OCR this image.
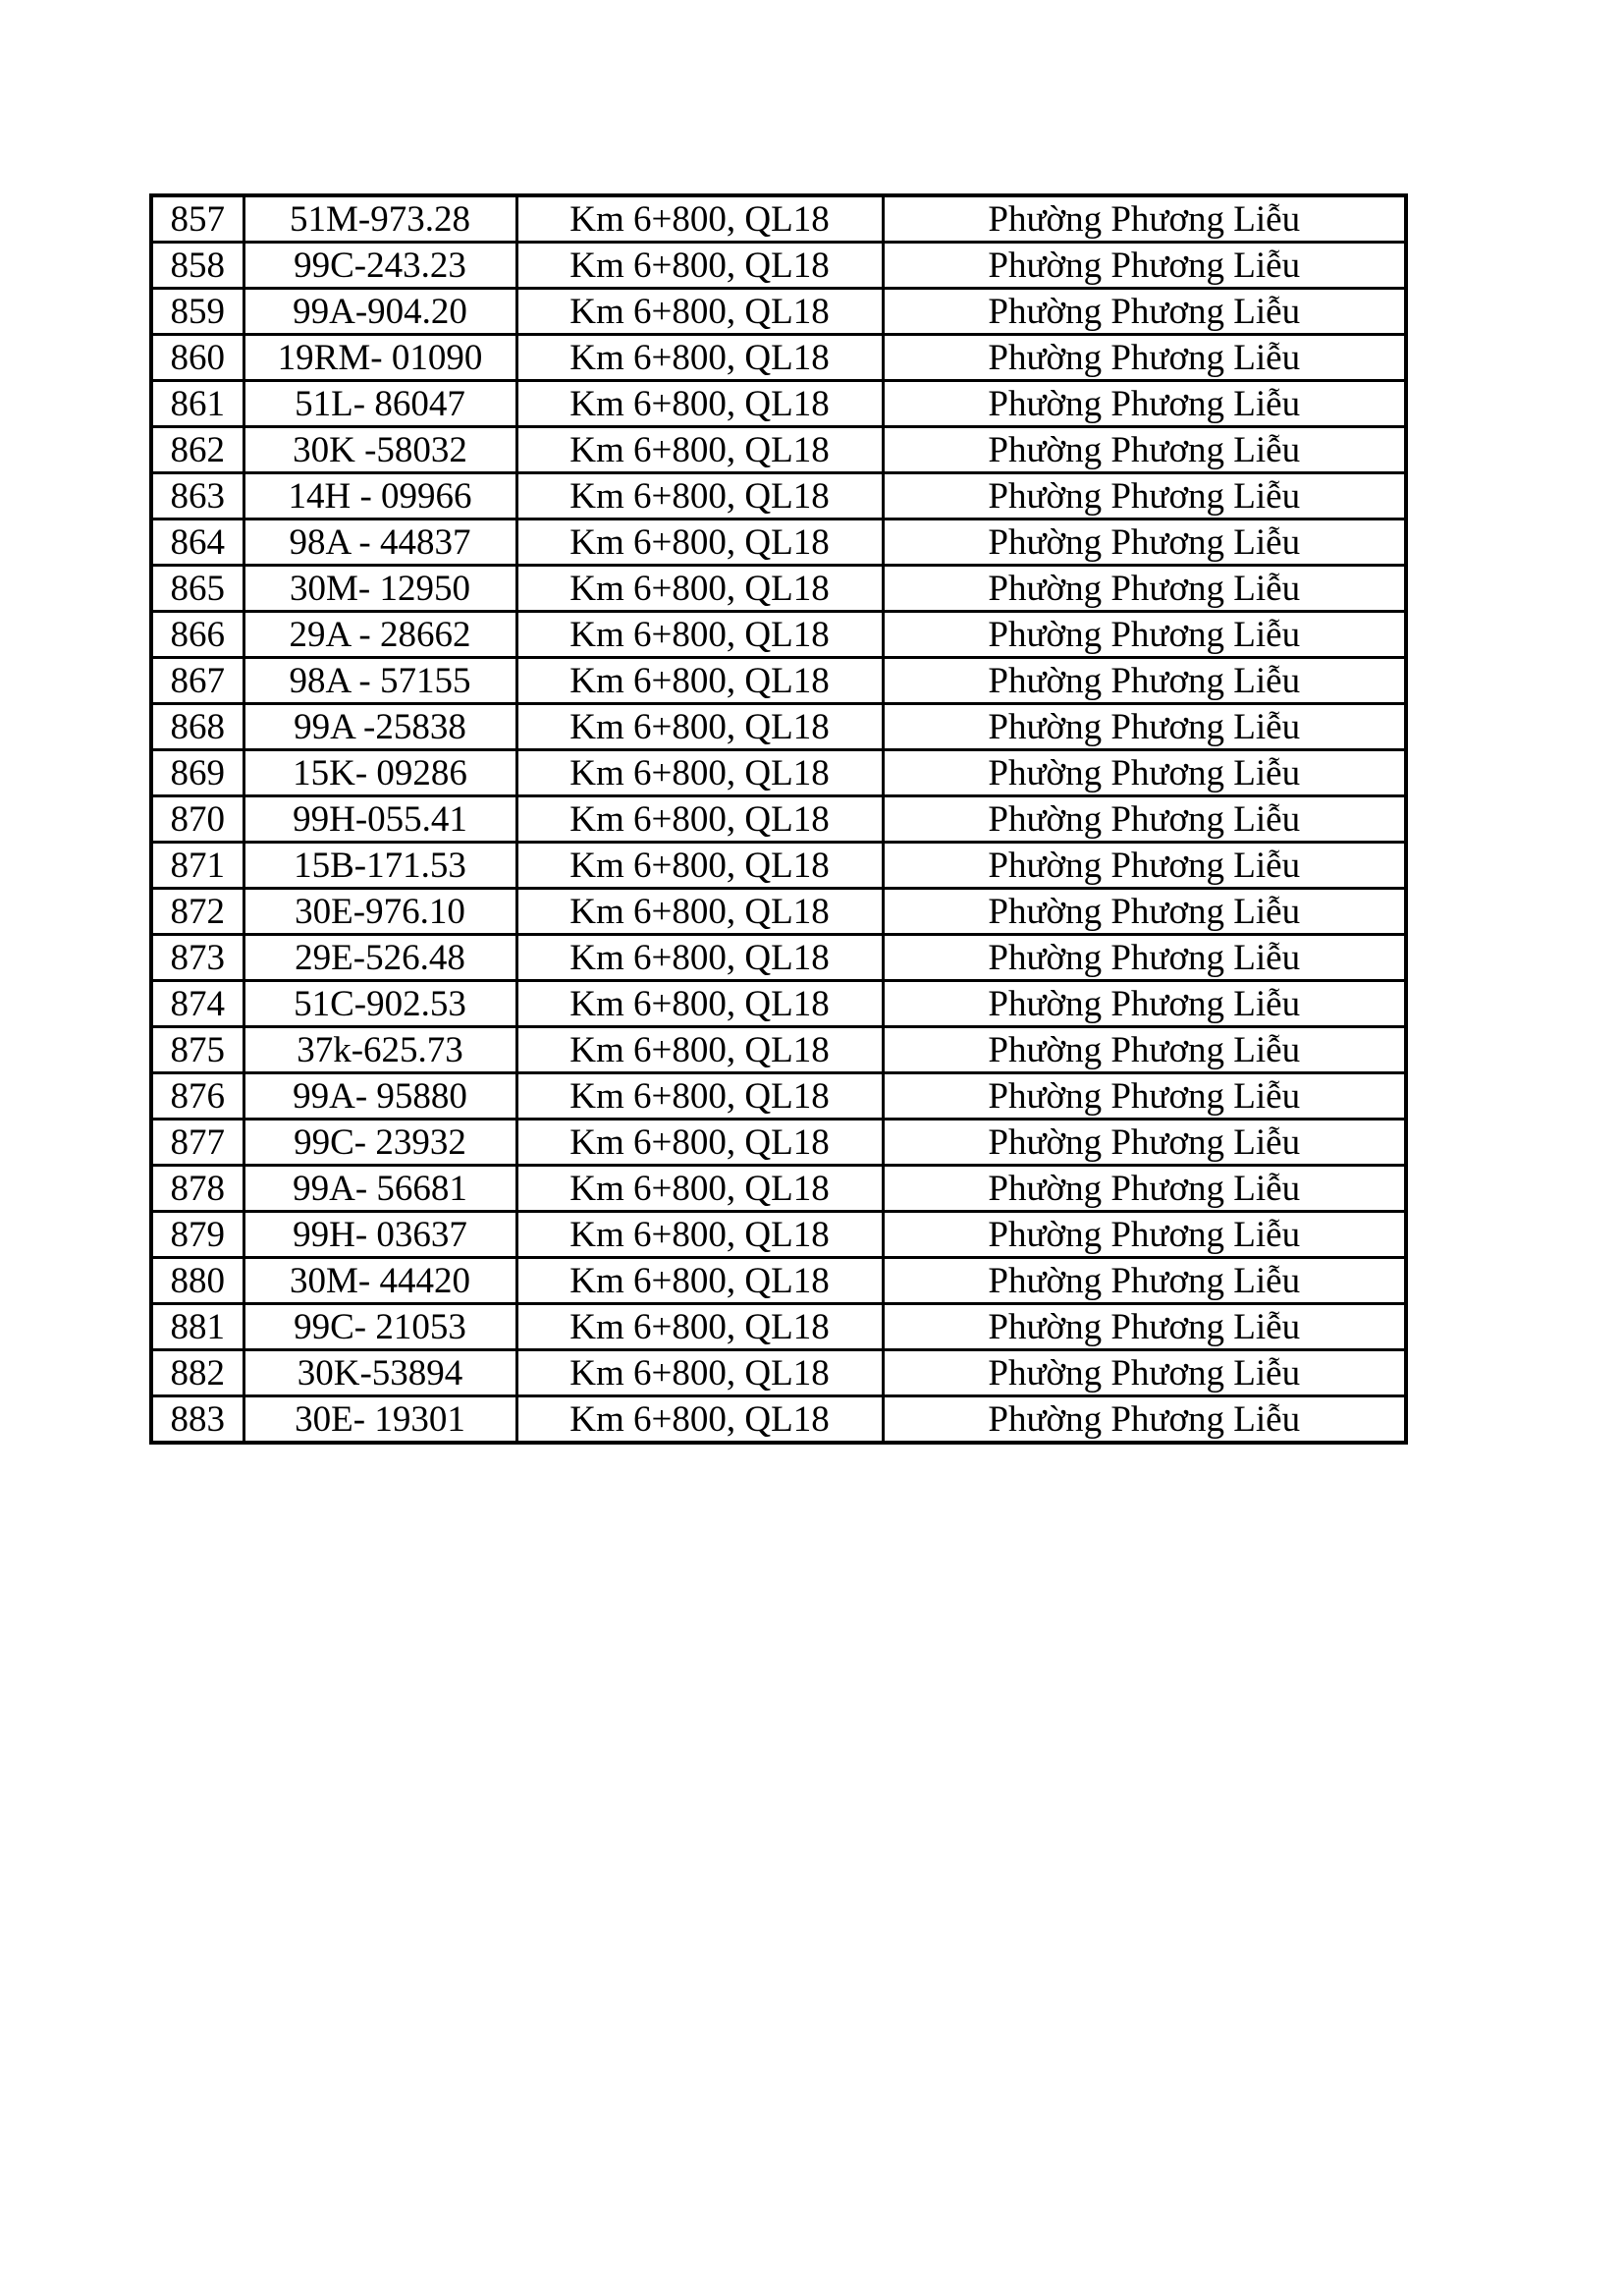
857	51M-973.28	Km 6+800, QL18	Phường Phương Liễu
858	99C-243.23	Km 6+800, QL18	Phường Phương Liễu
859	99A-904.20	Km 6+800, QL18	Phường Phương Liễu
860	19RM- 01090	Km 6+800, QL18	Phường Phương Liễu
861	51L- 86047	Km 6+800, QL18	Phường Phương Liễu
862	30K -58032	Km 6+800, QL18	Phường Phương Liễu
863	14H - 09966	Km 6+800, QL18	Phường Phương Liễu
864	98A - 44837	Km 6+800, QL18	Phường Phương Liễu
865	30M- 12950	Km 6+800, QL18	Phường Phương Liễu
866	29A - 28662	Km 6+800, QL18	Phường Phương Liễu
867	98A - 57155	Km 6+800, QL18	Phường Phương Liễu
868	99A -25838	Km 6+800, QL18	Phường Phương Liễu
869	15K- 09286	Km 6+800, QL18	Phường Phương Liễu
870	99H-055.41	Km 6+800, QL18	Phường Phương Liễu
871	15B-171.53	Km 6+800, QL18	Phường Phương Liễu
872	30E-976.10	Km 6+800, QL18	Phường Phương Liễu
873	29E-526.48	Km 6+800, QL18	Phường Phương Liễu
874	51C-902.53	Km 6+800, QL18	Phường Phương Liễu
875	37k-625.73	Km 6+800, QL18	Phường Phương Liễu
876	99A- 95880	Km 6+800, QL18	Phường Phương Liễu
877	99C- 23932	Km 6+800, QL18	Phường Phương Liễu
878	99A- 56681	Km 6+800, QL18	Phường Phương Liễu
879	99H- 03637	Km 6+800, QL18	Phường Phương Liễu
880	30M- 44420	Km 6+800, QL18	Phường Phương Liễu
881	99C- 21053	Km 6+800, QL18	Phường Phương Liễu
882	30K-53894	Km 6+800, QL18	Phường Phương Liễu
883	30E- 19301	Km 6+800, QL18	Phường Phương Liễu
